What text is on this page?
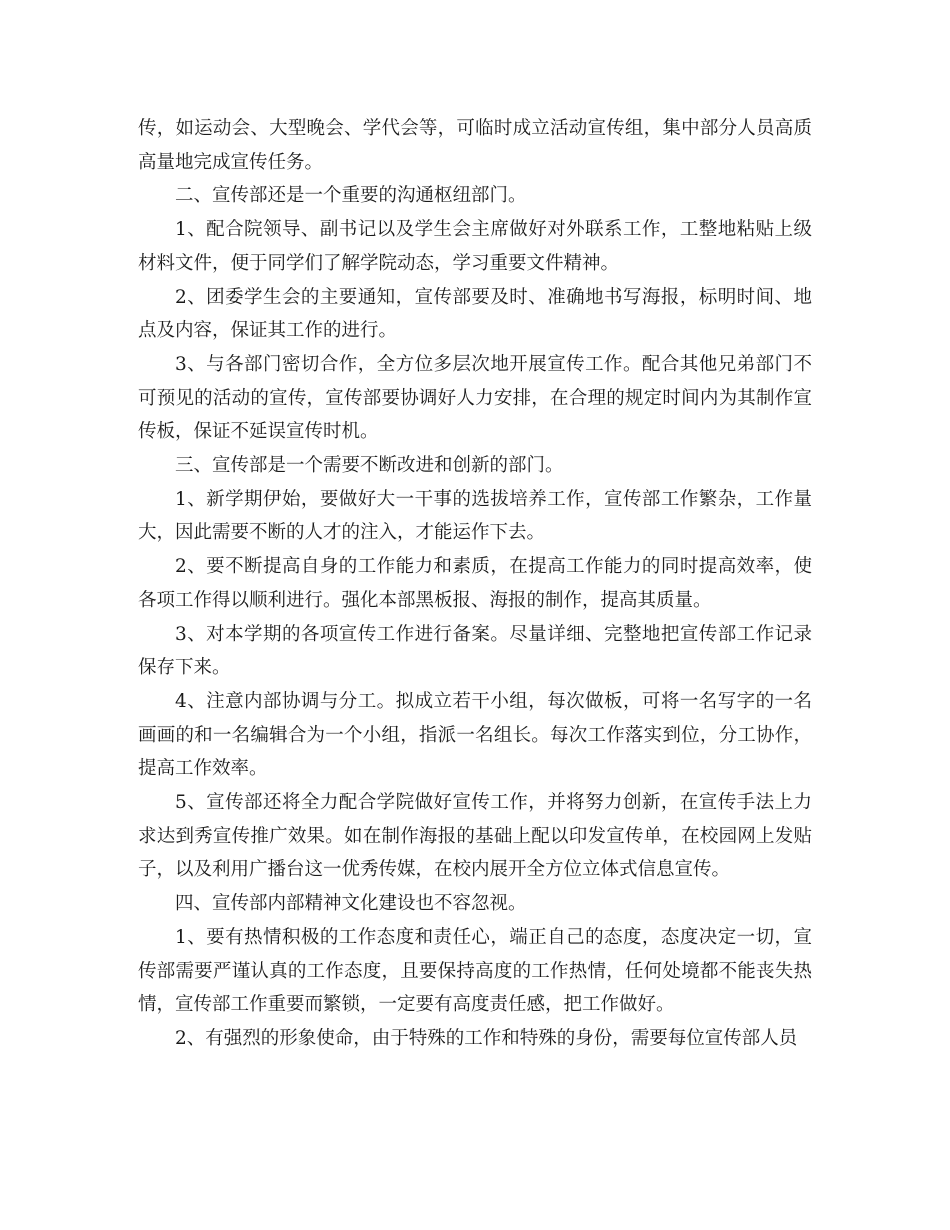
传，如运动会、大型晚会、学代会等，可临时成立活动宣传组，集中部分人员高质高量地完成宣传任务。

二、宣传部还是一个重要的沟通枢纽部门。

1、配合院领导、副书记以及学生会主席做好对外联系工作，工整地粘贴上级材料文件，便于同学们了解学院动态，学习重要文件精神。

2、团委学生会的主要通知，宣传部要及时、准确地书写海报，标明时间、地点及内容，保证其工作的进行。

3、与各部门密切合作，全方位多层次地开展宣传工作。配合其他兄弟部门不可预见的活动的宣传，宣传部要协调好人力安排，在合理的规定时间内为其制作宣传板，保证不延误宣传时机。

三、宣传部是一个需要不断改进和创新的部门。

1、新学期伊始，要做好大一干事的选拔培养工作，宣传部工作繁杂，工作量大，因此需要不断的人才的注入，才能运作下去。

2、要不断提高自身的工作能力和素质，在提高工作能力的同时提高效率，使各项工作得以顺利进行。强化本部黑板报、海报的制作，提高其质量。

3、对本学期的各项宣传工作进行备案。尽量详细、完整地把宣传部工作记录保存下来。

4、注意内部协调与分工。拟成立若干小组，每次做板，可将一名写字的一名画画的和一名编辑合为一个小组，指派一名组长。每次工作落实到位，分工协作，提高工作效率。

5、宣传部还将全力配合学院做好宣传工作，并将努力创新，在宣传手法上力求达到秀宣传推广效果。如在制作海报的基础上配以印发宣传单，在校园网上发贴子，以及利用广播台这一优秀传媒，在校内展开全方位立体式信息宣传。

四、宣传部内部精神文化建设也不容忽视。

1、要有热情积极的工作态度和责任心，端正自己的态度，态度决定一切，宣传部需要严谨认真的工作态度，且要保持高度的工作热情，任何处境都不能丧失热情，宣传部工作重要而繁锁，一定要有高度责任感，把工作做好。

2、有强烈的形象使命，由于特殊的工作和特殊的身份，需要每位宣传部人员
